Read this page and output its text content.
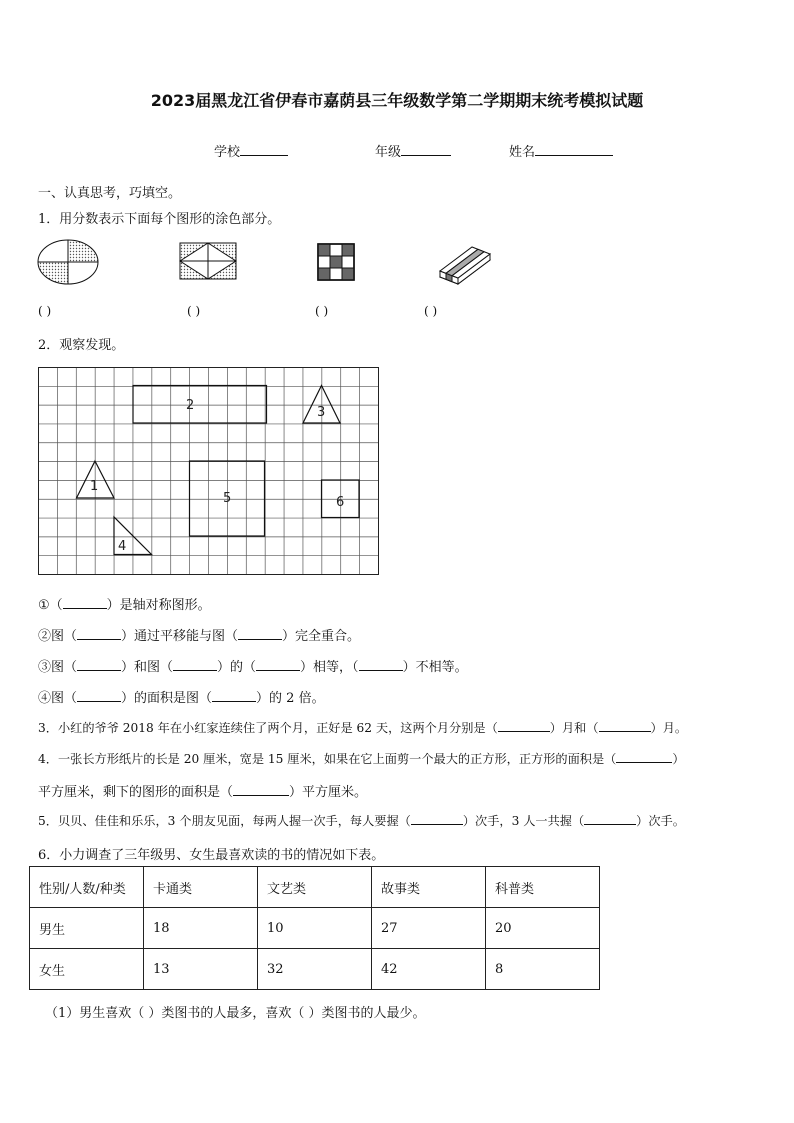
2023届黑龙江省伊春市嘉荫县三年级数学第二学期期末统考模拟试题
学校	年级	姓名
一、认真思考，巧填空。
1．用分数表示下面每个图形的涂色部分。
( )	( )	( )	( )
2．观察发现。
1
2	3
4
5	6
①（	）是轴对称图形。
②图（	）通过平移能与图（	）完全重合。
③图（	）和图（	）的（	）相等，（	）不相等。
④图（	）的面积是图（	）的 2 倍。
3．小红的爷爷 2018 年在小红家连续住了两个月，正好是 62 天，这两个月分别是（	）月和（	）月。
4．一张长方形纸片的长是 20 厘米，宽是 15 厘米，如果在它上面剪一个最大的正方形，正方形的面积是（	）
平方厘米，剩下的图形的面积是（	）平方厘米。
5．贝贝、佳佳和乐乐，3 个朋友见面，每两人握一次手，每人要握（	）次手，3 人一共握（	）次手。
6．小力调查了三年级男、女生最喜欢读的书的情况如下表。
性别/人数/种类	卡通类	文艺类	故事类	科普类
男生	18	10	27	20
女生	13	32	42	8
（1）男生喜欢（ ）类图书的人最多，喜欢（ ）类图书的人最少。
